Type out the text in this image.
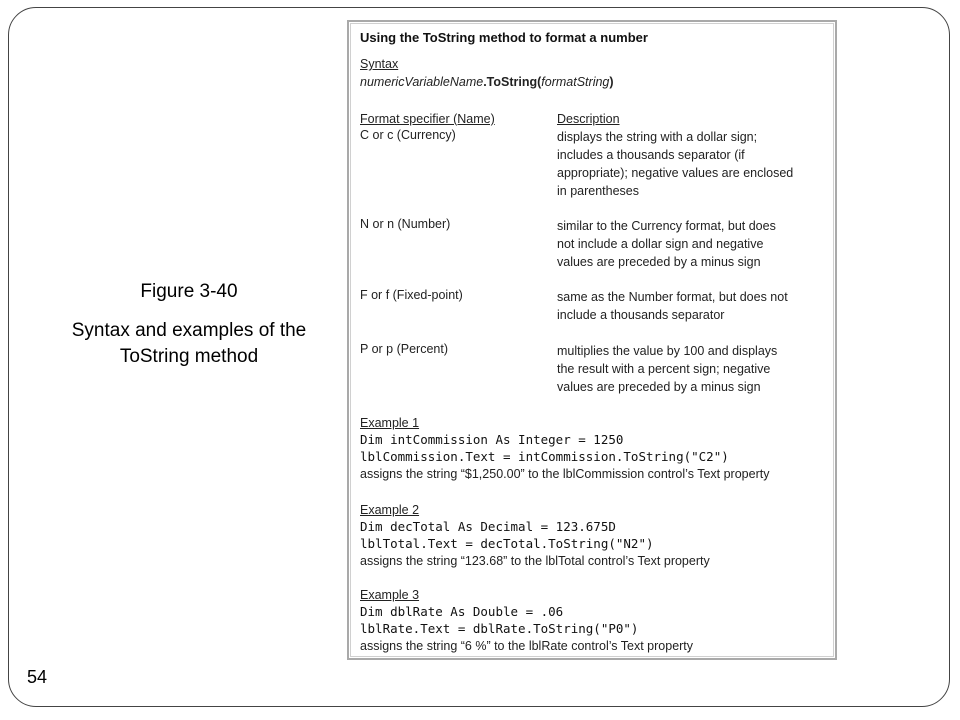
Figure 3-40
Syntax and examples of the ToString method
54
Using the ToString method to format a number
Syntax
numericVariableName.ToString(formatString)
Format specifier (Name)	Description
C or c (Currency)	displays the string with a dollar sign;
includes a thousands separator (if
appropriate); negative values are enclosed
in parentheses
N or n (Number)	similar to the Currency format, but does
not include a dollar sign and negative
values are preceded by a minus sign
F or f (Fixed-point)	same as the Number format, but does not
include a thousands separator
P or p (Percent)	multiplies the value by 100 and displays
the result with a percent sign; negative
values are preceded by a minus sign
Example 1
Dim intCommission As Integer = 1250
lblCommission.Text = intCommission.ToString("C2")
assigns the string “$1,250.00” to the lblCommission control’s Text property
Example 2
Dim decTotal As Decimal = 123.675D
lblTotal.Text = decTotal.ToString("N2")
assigns the string “123.68” to the lblTotal control’s Text property
Example 3
Dim dblRate As Double = .06
lblRate.Text = dblRate.ToString("P0")
assigns the string “6 %” to the lblRate control’s Text property
